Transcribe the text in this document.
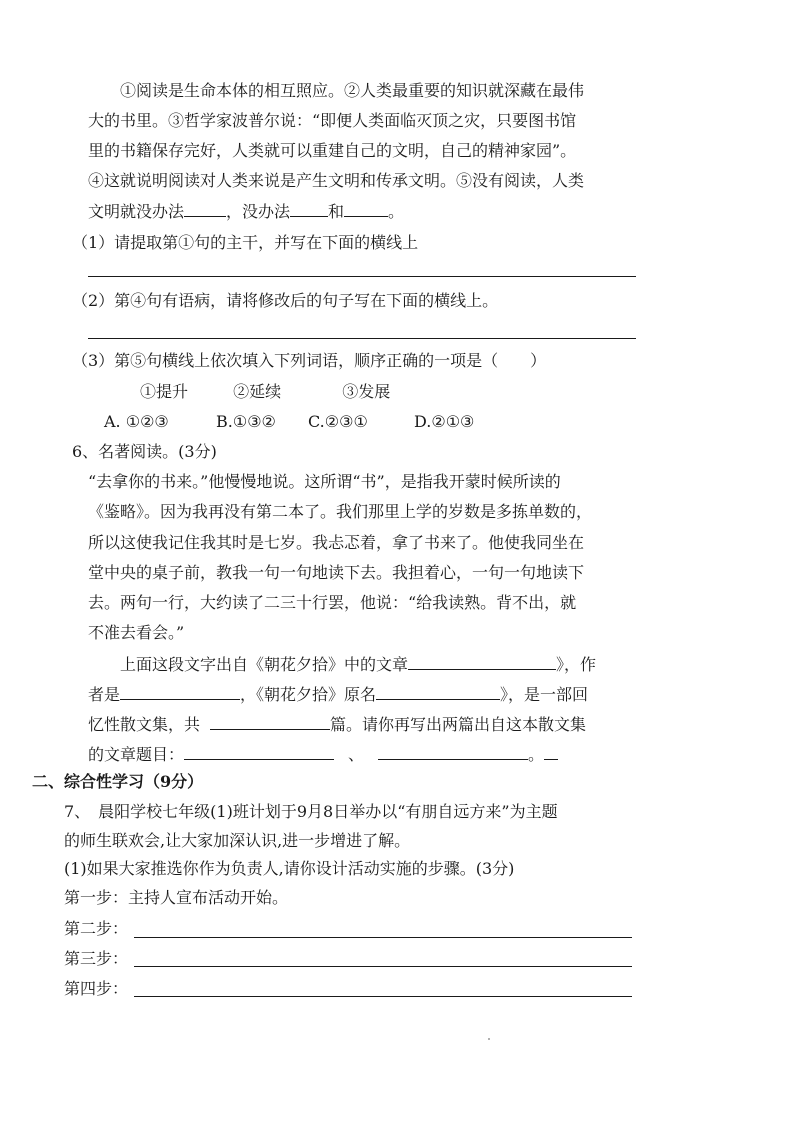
①阅读是生命本体的相互照应。②人类最重要的知识就深藏在最伟
大的书里。③哲学家波普尔说：“即便人类面临灭顶之灾，只要图书馆
里的书籍保存完好，人类就可以重建自己的文明，自己的精神家园”。
④这就说明阅读对人类来说是产生文明和传承文明。⑤没有阅读，人类
文明就没办法	，没办法 和	。
（1）请提取第①句的主干，并写在下面的横线上
（2）第④句有语病，请将修改后的句子写在下面的横线上。
（3）第⑤句横线上依次填入下列词语，顺序正确的一项是（　　）
①提升	②延续	③发展
A. ①②③	B.①③② C.②③①	D.②①③
6、名著阅读。(3分)
“去拿你的书来。”他慢慢地说。这所谓“书”，是指我开蒙时候所读的
《鉴略》。因为我再没有第二本了。我们那里上学的岁数是多拣单数的，
所以这使我记住我其时是七岁。我忐忑着，拿了书来了。他使我同坐在
堂中央的桌子前，教我一句一句地读下去。我担着心，一句一句地读下
去。两句一行，大约读了二三十行罢，他说：“给我读熟。背不出，就
不准去看会。”
上面这段文字出自《朝花夕拾》中的文章	》，作
者是	，《朝花夕拾》原名	》，是一部回
忆性散文集，共	篇。请你再写出两篇出自这本散文集
的文章题目：	、	。
二、综合性学习（9分）
7、　晨阳学校七年级(1)班计划于9月8日举办以“有朋自远方来”为主题
的师生联欢会,让大家加深认识,进一步增进了解。
(1)如果大家推选你作为负责人,请你设计活动实施的步骤。(3分)
第一步：主持人宣布活动开始。
第二步：
第三步：
第四步：
